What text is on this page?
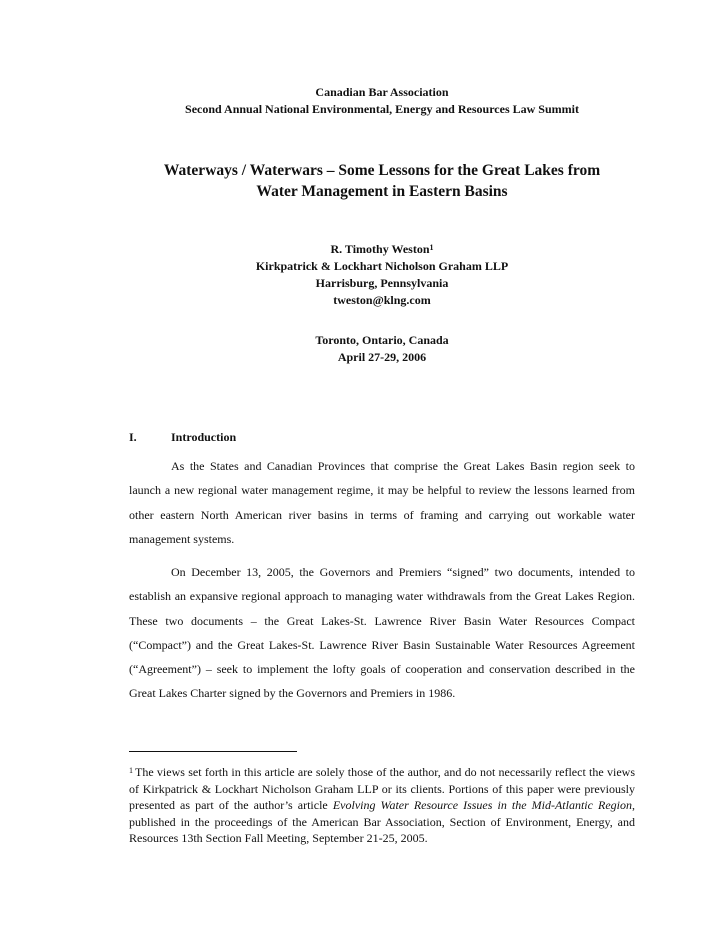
Canadian Bar Association
Second Annual National Environmental, Energy and Resources Law Summit
Waterways / Waterwars – Some Lessons for the Great Lakes from
Water Management in Eastern Basins
R. Timothy Weston$^1$
Kirkpatrick & Lockhart Nicholson Graham LLP
Harrisburg, Pennsylvania
tweston@klng.com
Toronto, Ontario, Canada
April 27-29, 2006
I.	Introduction

As the States and Canadian Provinces that comprise the Great Lakes Basin region seek to launch a new regional water management regime, it may be helpful to review the lessons learned from other eastern North American river basins in terms of framing and carrying out workable water management systems.

On December 13, 2005, the Governors and Premiers “signed” two documents, intended to establish an expansive regional approach to managing water withdrawals from the Great Lakes Region. These two documents – the Great Lakes-St. Lawrence River Basin Water Resources Compact (“Compact”) and the Great Lakes-St. Lawrence River Basin Sustainable Water Resources Agreement (“Agreement”) – seek to implement the lofty goals of cooperation and conservation described in the Great Lakes Charter signed by the Governors and Premiers in 1986.

$^1$ The views set forth in this article are solely those of the author, and do not necessarily reflect the views of Kirkpatrick & Lockhart Nicholson Graham LLP or its clients. Portions of this paper were previously presented as part of the author’s article Evolving Water Resource Issues in the Mid-Atlantic Region, published in the proceedings of the American Bar Association, Section of Environment, Energy, and Resources 13th Section Fall Meeting, September 21-25, 2005.
